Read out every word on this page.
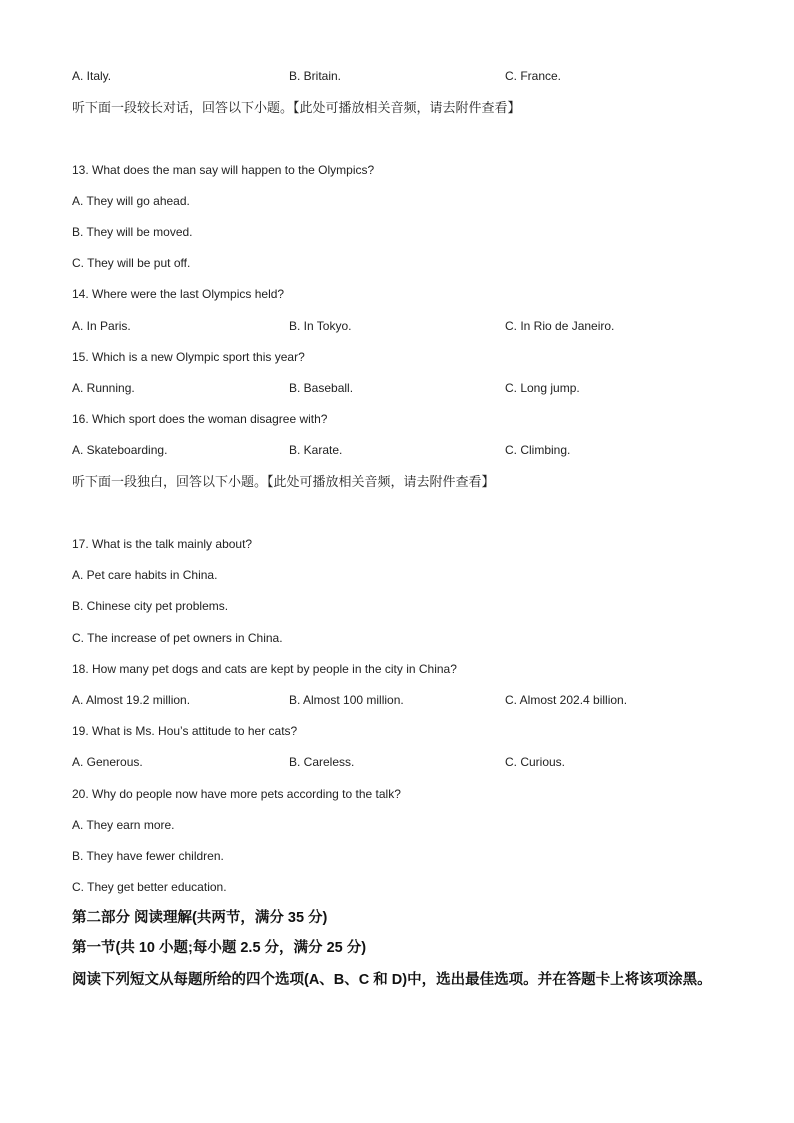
A. Italy.	B. Britain.	C. France.
听下面一段较长对话，回答以下小题。【此处可播放相关音频，请去附件查看】
13. What does the man say will happen to the Olympics?
A. They will go ahead.
B. They will be moved.
C. They will be put off.
14. Where were the last Olympics held?
A. In Paris.	B. In Tokyo.	C. In Rio de Janeiro.
15. Which is a new Olympic sport this year?
A. Running.	B. Baseball.	C. Long jump.
16. Which sport does the woman disagree with?
A. Skateboarding.	B. Karate.	C. Climbing.
听下面一段独白，回答以下小题。【此处可播放相关音频，请去附件查看】
17. What is the talk mainly about?
A. Pet care habits in China.
B. Chinese city pet problems.
C. The increase of pet owners in China.
18. How many pet dogs and cats are kept by people in the city in China?
A. Almost 19.2 million.	B. Almost 100 million.	C. Almost 202.4 billion.
19. What is Ms. Hou’s attitude to her cats?
A. Generous.	B. Careless.	C. Curious.
20. Why do people now have more pets according to the talk?
A. They earn more.
B. They have fewer children.
C. They get better education.
第二部分 阅读理解(共两节，满分 35 分)
第一节(共 10 小题;每小题 2.5 分，满分 25 分)
阅读下列短文从每题所给的四个选项(A、B、C 和 D)中，选出最佳选项。并在答题卡上将该项涂黑。
